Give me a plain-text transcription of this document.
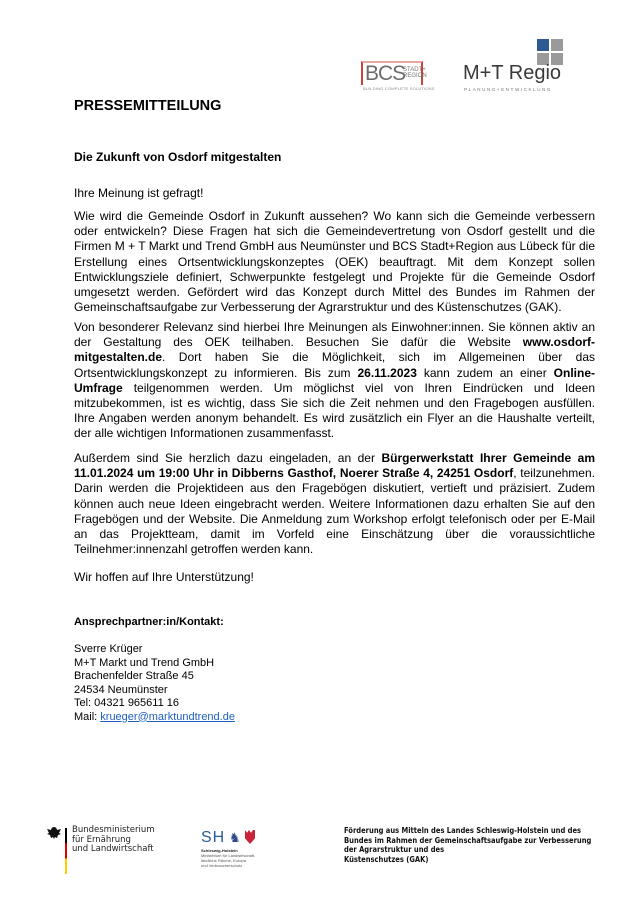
BCS
STADT+
REGION
BUILDING COMPLETE SOLUTIONS
M+T Regio
PLANUNG+ENTWICKLUNG
PRESSEMITTEILUNG
Die Zukunft von Osdorf mitgestalten
Ihre Meinung ist gefragt!
Wie wird die Gemeinde Osdorf in Zukunft aussehen? Wo kann sich die Gemeinde verbessern oder entwickeln? Diese Fragen hat sich die Gemeindevertretung von Osdorf gestellt und die Firmen M + T Markt und Trend GmbH aus Neumünster und BCS Stadt+Region aus Lübeck für die Erstellung eines Ortsentwicklungskonzeptes (OEK) beauftragt. Mit dem Konzept sollen Entwicklungsziele definiert, Schwerpunkte festgelegt und Projekte für die Gemeinde Osdorf umgesetzt werden. Gefördert wird das Konzept durch Mittel des Bundes im Rahmen der Gemeinschaftsaufgabe zur Verbesserung der Agrarstruktur und des Küstenschutzes (GAK).
Von besonderer Relevanz sind hierbei Ihre Meinungen als Einwohner:innen. Sie können aktiv an der Gestaltung des OEK teilhaben. Besuchen Sie dafür die Website www.osdorf-mitgestalten.de. Dort haben Sie die Möglichkeit, sich im Allgemeinen über das Ortsentwicklungskonzept zu informieren. Bis zum 26.11.2023 kann zudem an einer Online-Umfrage teilgenommen werden. Um möglichst viel von Ihren Eindrücken und Ideen mitzubekommen, ist es wichtig, dass Sie sich die Zeit nehmen und den Fragebogen ausfüllen. Ihre Angaben werden anonym behandelt. Es wird zusätzlich ein Flyer an die Haushalte verteilt, der alle wichtigen Informationen zusammenfasst.
Außerdem sind Sie herzlich dazu eingeladen, an der Bürgerwerkstatt Ihrer Gemeinde am 11.01.2024 um 19:00 Uhr in Dibberns Gasthof, Noerer Straße 4, 24251 Osdorf, teilzunehmen. Darin werden die Projektideen aus den Fragebögen diskutiert, vertieft und präzisiert. Zudem können auch neue Ideen eingebracht werden. Weitere Informationen dazu erhalten Sie auf den Fragebögen und der Website. Die Anmeldung zum Workshop erfolgt telefonisch oder per E-Mail an das Projektteam, damit im Vorfeld eine Einschätzung über die voraussichtliche Teilnehmer:innenzahl getroffen werden kann.
Wir hoffen auf Ihre Unterstützung!
Ansprechpartner:in/Kontakt:
Sverre Krüger
M+T Markt und Trend GmbH
Brachenfelder Straße 45
24534 Neumünster
Tel: 04321 965611 16
Mail: krueger@marktundtrend.de
Bundesministerium
für Ernährung
und Landwirtschaft
SH ♞
Schleswig-Holstein
Ministerium für Landwirtschaft,
ländliche Räume, Europa
und Verbraucherschutz
Förderung aus Mitteln des Landes Schleswig-Holstein und des
Bundes im Rahmen der Gemeinschaftsaufgabe zur Verbesserung
der Agrarstruktur und des
Küstenschutzes (GAK)
